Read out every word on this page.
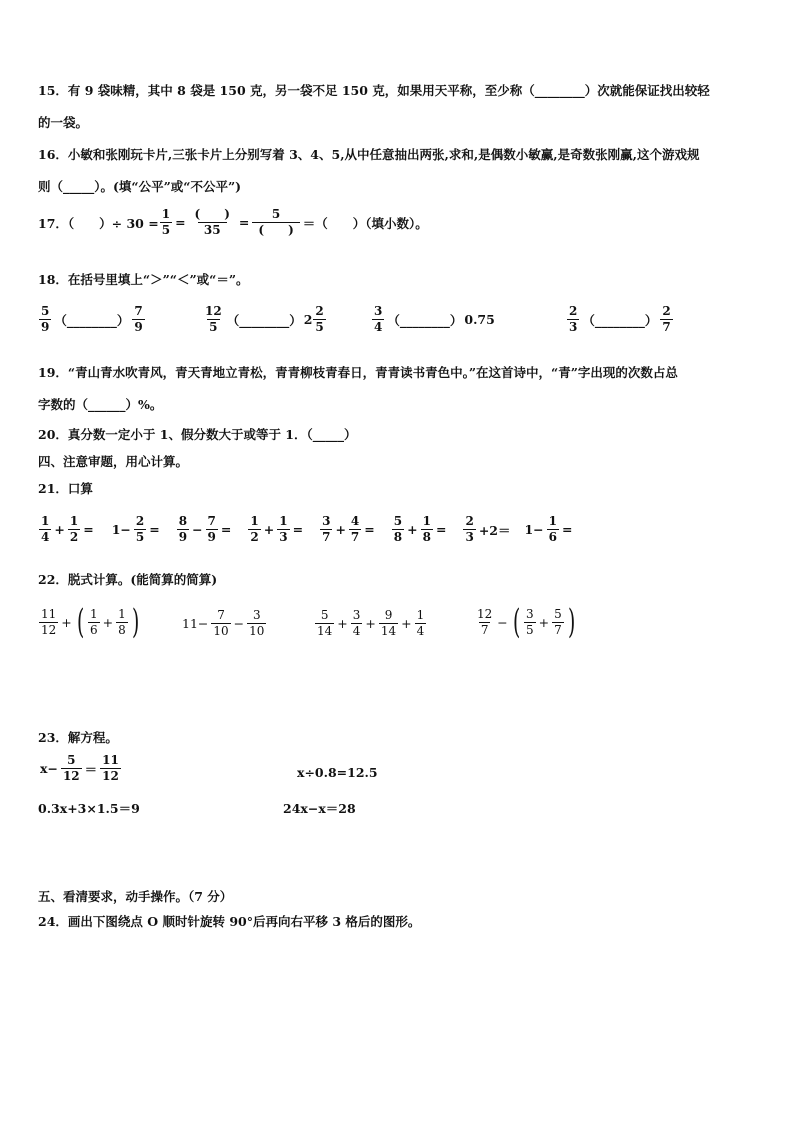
15．有 9 袋味精，其中 8 袋是 150 克，另一袋不足 150 克，如果用天平称，至少称（________）次就能保证找出较轻
的一袋。
16．小敏和张刚玩卡片,三张卡片上分别写着 3、4、5,从中任意抽出两张,求和,是偶数小敏赢,是奇数张刚赢,这个游戏规
则（_____）。(填“公平”或“不公平”)
17．（　　）÷ $30 = \frac{1}{5} = \frac{( )}{35} = \frac{5}{( )}$ ＝（　　）（填小数）。
18．在括号里填上“＞”“＜”或“＝”。
$\frac{5}{9}$ （________） $\frac{7}{9}$	$\frac{12}{5}$ （________） $2 \frac{2}{5}$	$\frac{3}{4}$ （________） 0.75	$\frac{2}{3}$ （________） $\frac{2}{7}$
19．“青山青水吹青风，青天青地立青松，青青柳枝青春日，青青读书青色中。”在这首诗中，“青”字出现的次数占总
字数的（______）%。
20．真分数一定小于 1、假分数大于或等于 1．（_____）
四、注意审题，用心计算。
21．口算
$\frac{1}{4} + \frac{1}{2} = 1- \frac{2}{5} = \frac{8}{9} - \frac{7}{9} = \frac{1}{2} + \frac{1}{3} = \frac{3}{7} + \frac{4}{7} = \frac{5}{8} + \frac{1}{8} = \frac{2}{3} +2= 1- \frac{1}{6}$ =
22．脱式计算。(能简算的简算)
$\frac{11}{12}$ + ( $\frac{1}{6} + \frac{1}{8}$ )	$11- \frac{7}{10} - \frac{3}{10}$	$\frac{5}{14} + \frac{3}{4} + \frac{9}{14} + \frac{1}{4}$	$\frac{12}{7}$ − ( $\frac{3}{5} + \frac{5}{7}$ )
23．解方程。
$x- \frac{5}{12} = \frac{11}{12}$	x÷0.8=12.5
0.3x+3×1.5＝9	24x−x＝28
五、看清要求，动手操作。（7 分）
24．画出下图绕点 O 顺时针旋转 90°后再向右平移 3 格后的图形。
